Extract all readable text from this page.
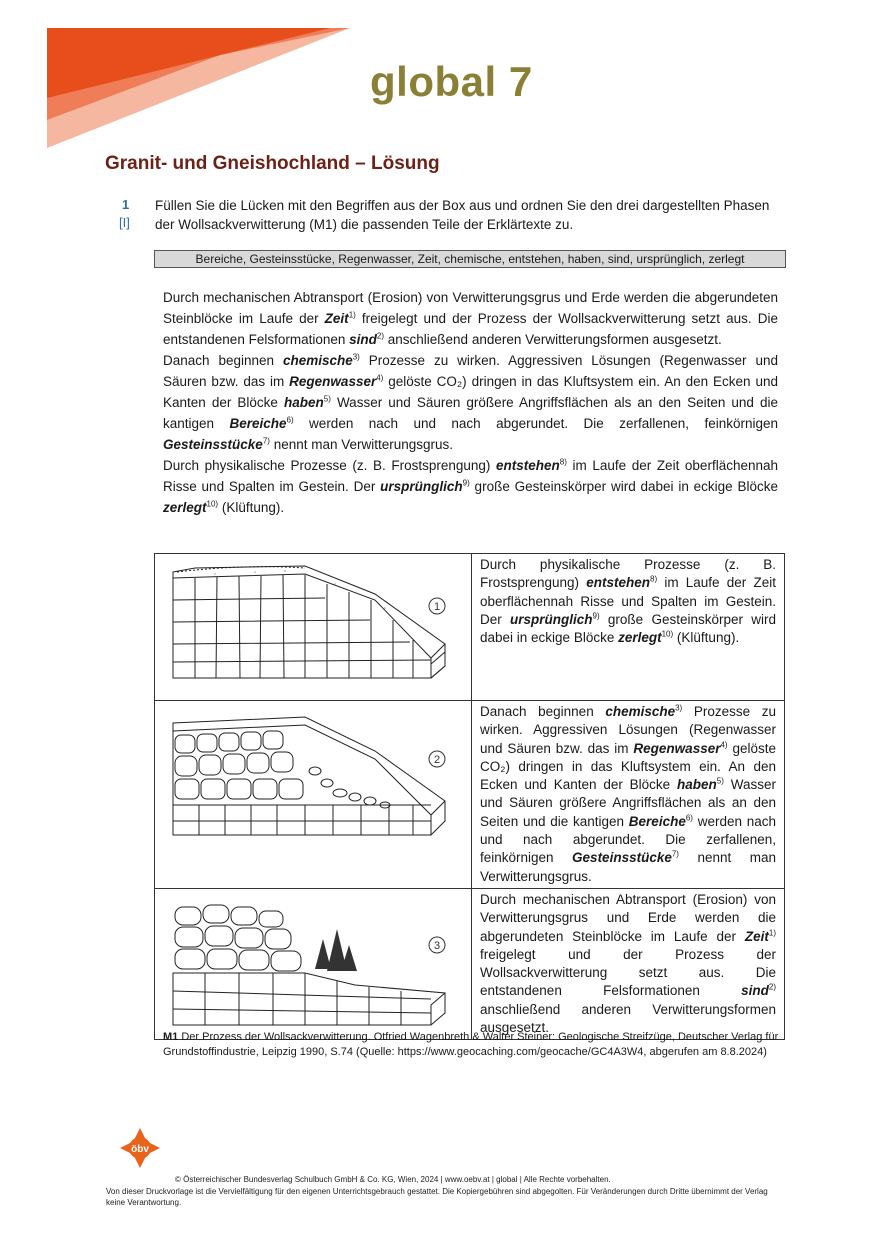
global 7
Granit- und Gneishochland – Lösung
1
[I]
Füllen Sie die Lücken mit den Begriffen aus der Box aus und ordnen Sie den drei dargestellten Phasen der Wollsackverwitterung (M1) die passenden Teile der Erklärtexte zu.
Bereiche, Gesteinsstücke, Regenwasser, Zeit, chemische, entstehen, haben, sind, ursprünglich, zerlegt

Durch mechanischen Abtransport (Erosion) von Verwitterungsgrus und Erde werden die abgerundeten Steinblöcke im Laufe der Zeit$^{1)}$ freigelegt und der Prozess der Wollsackverwitterung setzt aus. Die entstandenen Felsformationen sind$^{2)}$ anschließend anderen Verwitterungsformen ausgesetzt.

Danach beginnen chemische$^{3)}$ Prozesse zu wirken. Aggressiven Lösungen (Regenwasser und Säuren bzw. das im Regenwasser$^{4)}$ gelöste CO₂) dringen in das Kluftsystem ein. An den Ecken und Kanten der Blöcke haben$^{5)}$ Wasser und Säuren größere Angriffsflächen als an den Seiten und die kantigen Bereiche$^{6)}$ werden nach und nach abgerundet. Die zerfallenen, feinkörnigen Gesteinsstücke$^{7)}$ nennt man Verwitterungsgrus.

Durch physikalische Prozesse (z. B. Frostsprengung) entstehen$^{8)}$ im Laufe der Zeit oberflächennah Risse und Spalten im Gestein. Der ursprünglich$^{9)}$ große Gesteinskörper wird dabei in eckige Blöcke zerlegt$^{10)}$ (Klüftung).

1	Durch physikalische Prozesse (z. B. Frostsprengung) entstehen$^{8)}$ im Laufe der Zeit oberflächennah Risse und Spalten im Gestein. Der ursprünglich$^{9)}$ große Gesteinskörper wird dabei in eckige Blöcke zerlegt$^{10)}$ (Klüftung).

2	Danach beginnen chemische$^{3)}$ Prozesse zu wirken. Aggressiven Lösungen (Regenwasser und Säuren bzw. das im Regenwasser$^{4)}$ gelöste CO₂) dringen in das Kluftsystem ein. An den Ecken und Kanten der Blöcke haben$^{5)}$ Wasser und Säuren größere Angriffsflächen als an den Seiten und die kantigen Bereiche$^{6)}$ werden nach und nach abgerundet. Die zerfallenen, feinkörnigen Gesteinsstücke$^{7)}$ nennt man Verwitterungsgrus.

3	Durch mechanischen Abtransport (Erosion) von Verwitterungsgrus und Erde werden die abgerundeten Steinblöcke im Laufe der Zeit$^{1)}$ freigelegt und der Prozess der Wollsackverwitterung setzt aus. Die entstandenen Felsformationen sind$^{2)}$ anschließend anderen Verwitterungsformen ausgesetzt.
M1 Der Prozess der Wollsackverwitterung. Otfried Wagenbreth & Walter Steiner: Geologische Streifzüge, Deutscher Verlag für Grundstoffindustrie, Leipzig 1990, S.74 (Quelle: https://www.geocaching.com/geocache/GC4A3W4, abgerufen am 8.8.2024)
öbv
© Österreichischer Bundesverlag Schulbuch GmbH & Co. KG, Wien, 2024 | www.oebv.at | global | Alle Rechte vorbehalten.
Von dieser Druckvorlage ist die Vervielfältigung für den eigenen Unterrichtsgebrauch gestattet. Die Kopiergebühren sind abgegolten. Für Veränderungen durch Dritte übernimmt der Verlag keine Verantwortung.
